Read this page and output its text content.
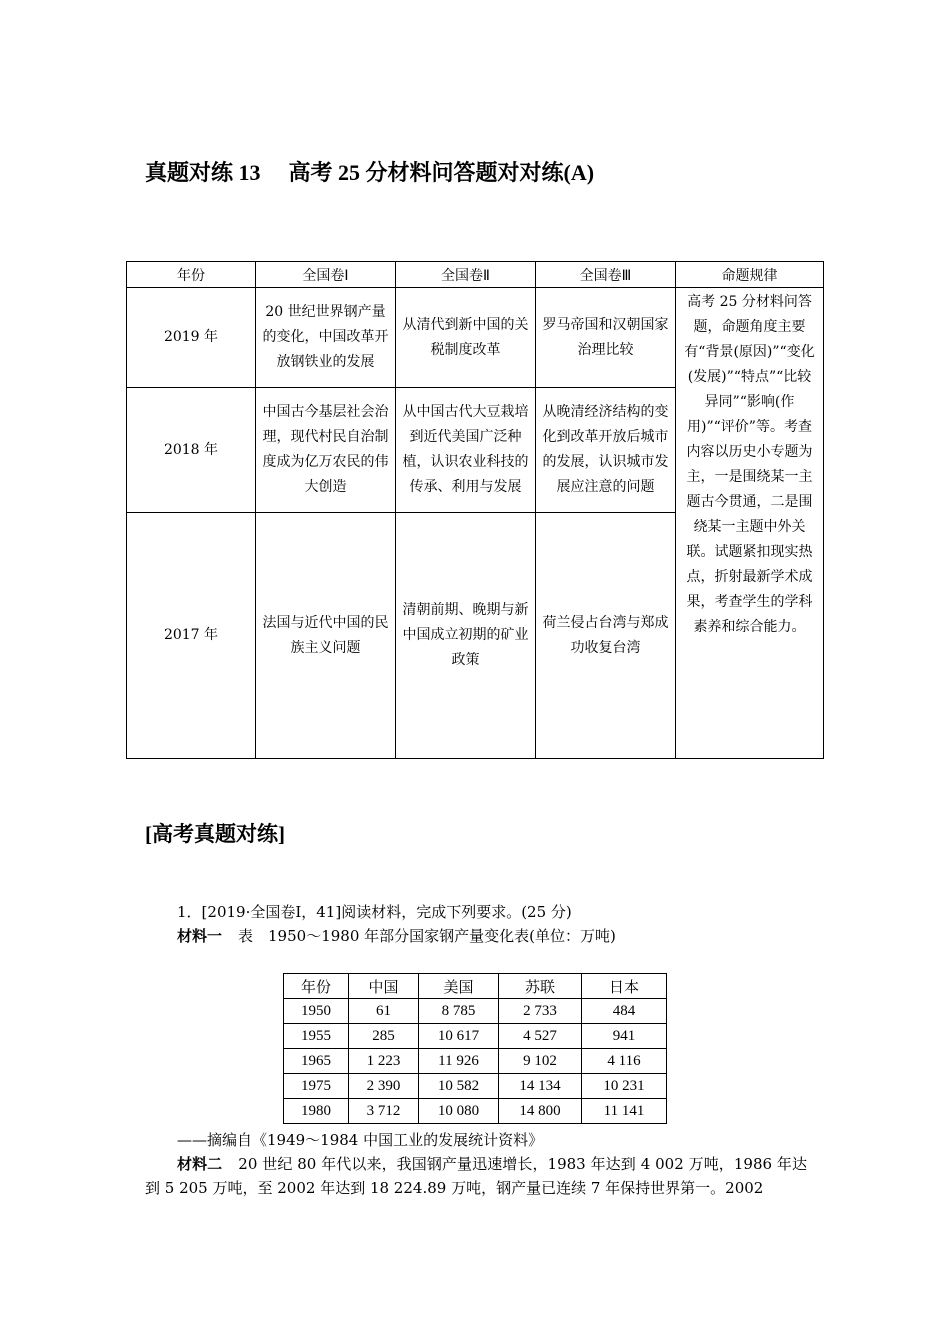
真题对练 13 高考 25 分材料问答题对对练(A)
年份	全国卷Ⅰ	全国卷Ⅱ	全国卷Ⅲ	命题规律
2019 年	20 世纪世界钢产量的变化，中国改革开放钢铁业的发展	从清代到新中国的关税制度改革	罗马帝国和汉朝国家治理比较	高考 25 分材料问答题，命题角度主要有“背景(原因)”“变化(发展)”“特点”“比较异同”“影响(作用)”“评价”等。考查内容以历史小专题为主，一是围绕某一主题古今贯通，二是围绕某一主题中外关联。试题紧扣现实热点，折射最新学术成果，考查学生的学科素养和综合能力。
2018 年	中国古今基层社会治理，现代村民自治制度成为亿万农民的伟大创造	从中国古代大豆栽培到近代美国广泛种植，认识农业科技的传承、利用与发展	从晚清经济结构的变化到改革开放后城市的发展，认识城市发展应注意的问题	
2017 年	法国与近代中国的民族主义问题	清朝前期、晚期与新中国成立初期的矿业政策	荷兰侵占台湾与郑成功收复台湾	
[高考真题对练]
1．[2019·全国卷Ⅰ，41]阅读材料，完成下列要求。(25 分)
材料一 表　1950～1980 年部分国家钢产量变化表(单位：万吨)
年份	中国	美国	苏联	日本
1950	61	8 785	2 733	484
1955	285	10 617	4 527	941
1965	1 223	11 926	9 102	4 116
1975	2 390	10 582	14 134	10 231
1980	3 712	10 080	14 800	11 141
——摘编自《1949～1984 中国工业的发展统计资料》
材料二 20 世纪 80 年代以来，我国钢产量迅速增长，1983 年达到 4 002 万吨，1986 年达到 5 205 万吨，至 2002 年达到 18 224.89 万吨，钢产量已连续 7 年保持世界第一。2002
